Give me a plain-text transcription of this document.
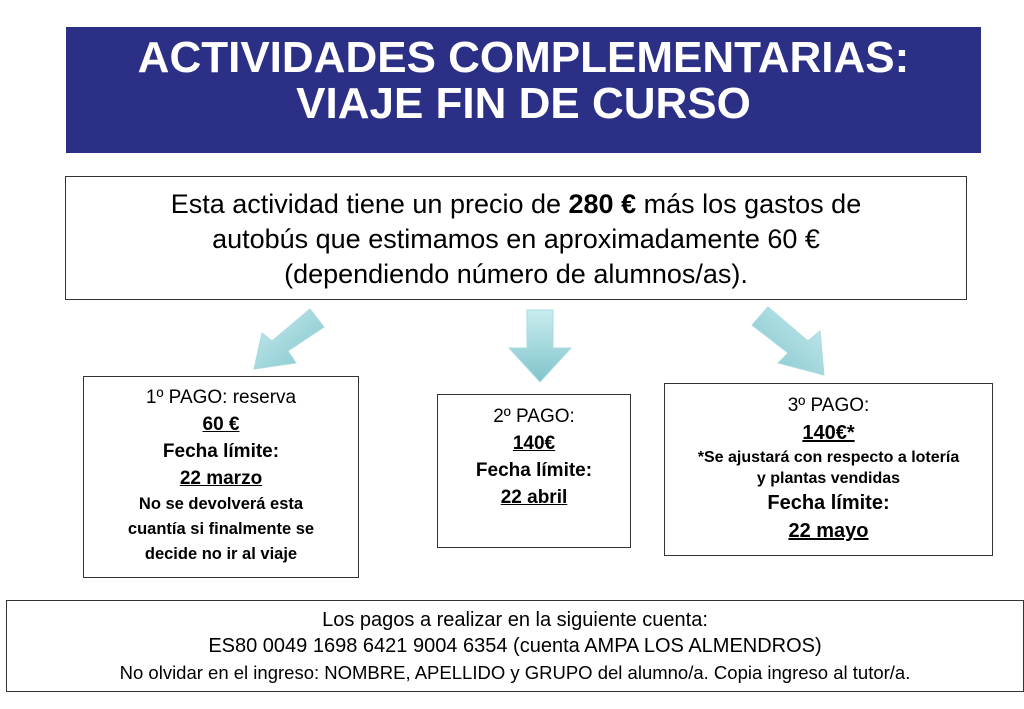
ACTIVIDADES COMPLEMENTARIAS:
VIAJE FIN DE CURSO
Esta actividad tiene un precio de 280 € más los gastos de
autobús que estimamos en aproximadamente 60 €
(dependiendo número de alumnos/as).
1º PAGO: reserva
60 €
Fecha límite:
22 marzo
No se devolverá esta
cuantía si finalmente se
decide no ir al viaje
2º PAGO:
140€
Fecha límite:
22 abril
3º PAGO:
140€*
*Se ajustará con respecto a lotería
y plantas vendidas
Fecha límite:
22 mayo
Los pagos a realizar en la siguiente cuenta:
ES80 0049 1698 6421 9004 6354 (cuenta AMPA LOS ALMENDROS)
No olvidar en el ingreso: NOMBRE, APELLIDO y GRUPO del alumno/a. Copia ingreso al tutor/a.
